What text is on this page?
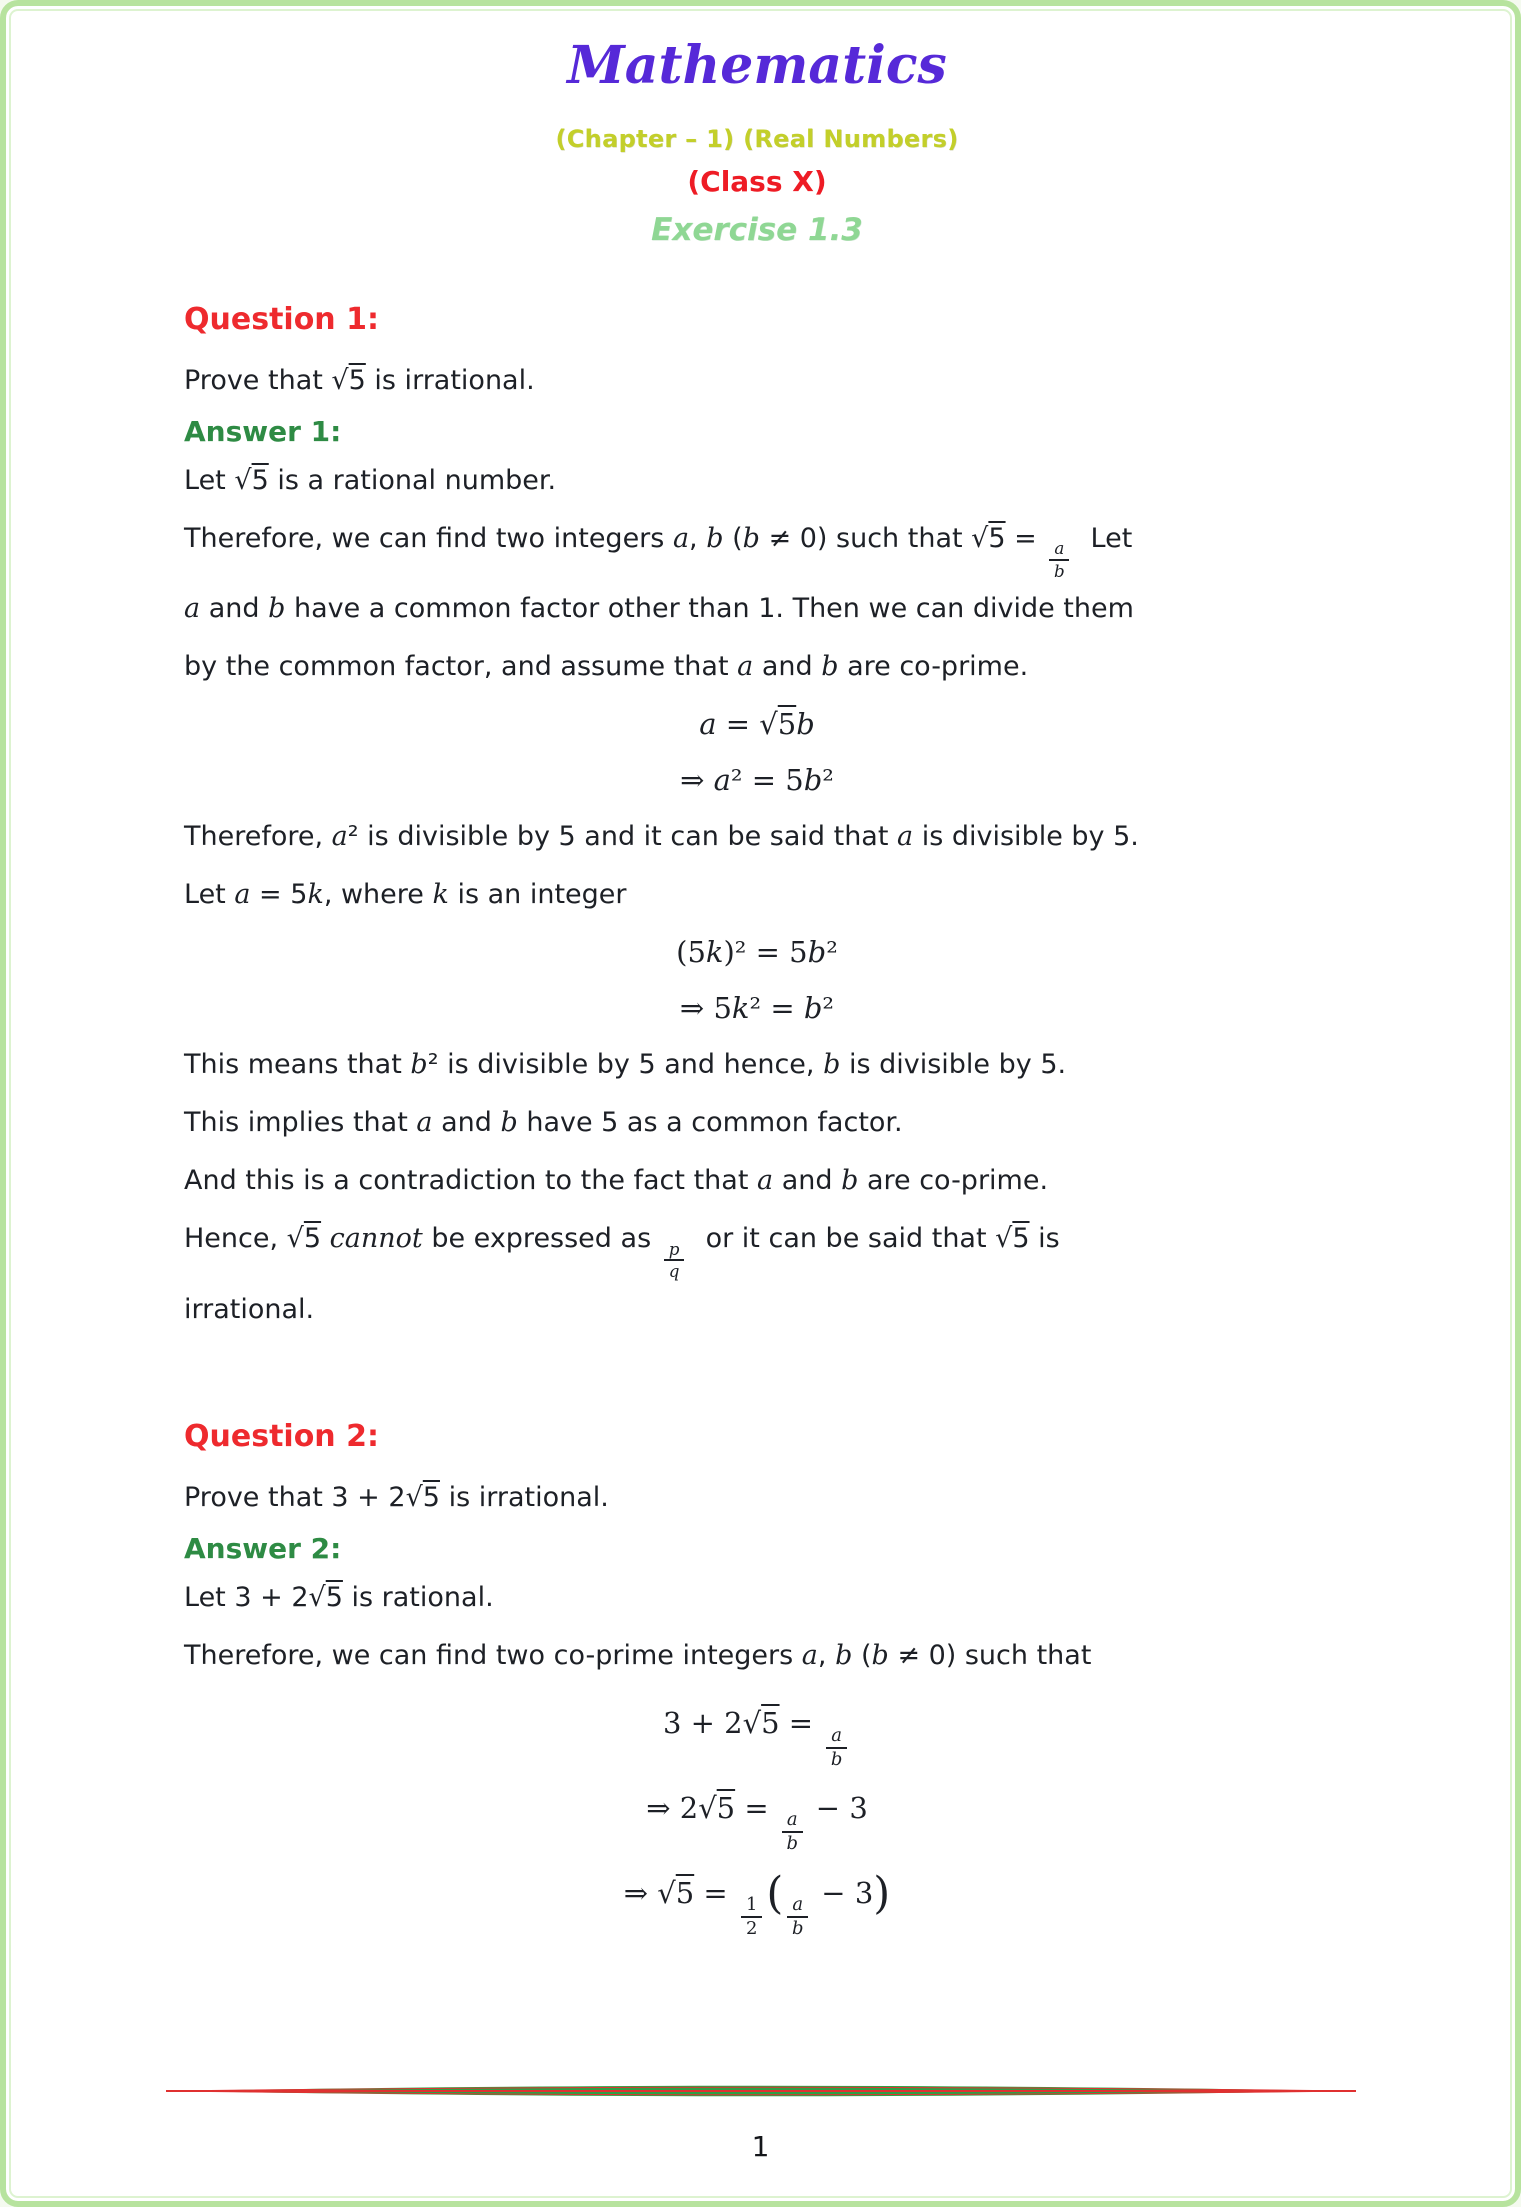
Mathematics
(Chapter – 1) (Real Numbers)
(Class X)
Exercise 1.3
Question 1:
Prove that √5 is irrational.
Answer 1:
Let √5 is a rational number.
Therefore, we can find two integers a, b (b ≠ 0) such that √5 =
$\frac{a}{b}$
Let
a and b have a common factor other than 1. Then we can divide them
by the common factor, and assume that a and b are co-prime.
a = √5b
⇒ a² = 5b²
Therefore, a² is divisible by 5 and it can be said that a is divisible by 5.
Let a = 5k, where k is an integer
(5k)² = 5b²
⇒ 5k² = b²
This means that b² is divisible by 5 and hence, b is divisible by 5.
This implies that a and b have 5 as a common factor.
And this is a contradiction to the fact that a and b are co-prime.
Hence, √5 cannot be expressed as
$\frac{p}{q}$
or it can be said that √5 is
irrational.
Question 2:
Prove that 3 + 2√5 is irrational.
Answer 2:
Let 3 + 2√5 is rational.
Therefore, we can find two co-prime integers a, b (b ≠ 0) such that
3 + 2√5 =
$\frac{a}{b}$
⇒ 2√5 =
$\frac{a}{b}$
− 3
⇒ √5 =
$\frac{1}{2}$ ( $\frac{a}{b}$
− 3)
1
